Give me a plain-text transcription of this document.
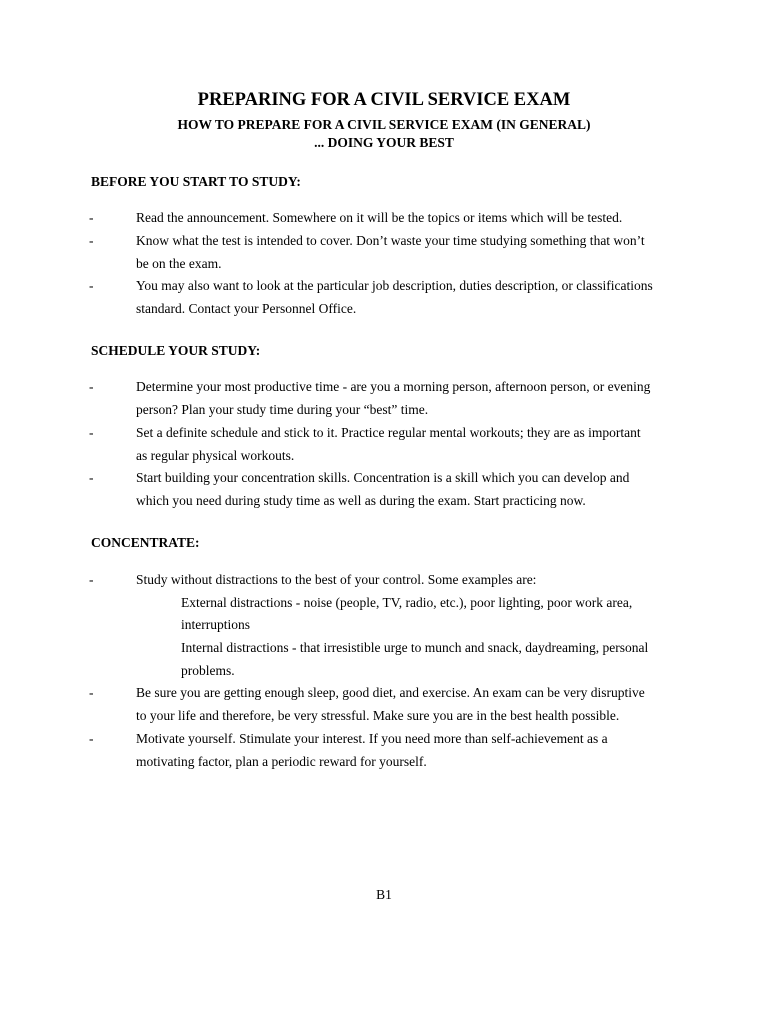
PREPARING FOR A CIVIL SERVICE EXAM
HOW TO PREPARE FOR A CIVIL SERVICE EXAM (IN GENERAL)
... DOING YOUR BEST
BEFORE YOU START TO STUDY:
-	Read the announcement. Somewhere on it will be the topics or items which will be tested.
-	Know what the test is intended to cover. Don’t waste your time studying something that won’t
be on the exam.
-	You may also want to look at the particular job description, duties description, or classifications
standard. Contact your Personnel Office.
SCHEDULE YOUR STUDY:
-	Determine your most productive time - are you a morning person, afternoon person, or evening
person? Plan your study time during your “best” time.
-	Set a definite schedule and stick to it. Practice regular mental workouts; they are as important
as regular physical workouts.
-	Start building your concentration skills. Concentration is a skill which you can develop and
which you need during study time as well as during the exam. Start practicing now.
CONCENTRATE:
-	Study without distractions to the best of your control. Some examples are:
External distractions - noise (people, TV, radio, etc.), poor lighting, poor work area,
interruptions
Internal distractions - that irresistible urge to munch and snack, daydreaming, personal
problems.
-	Be sure you are getting enough sleep, good diet, and exercise. An exam can be very disruptive
to your life and therefore, be very stressful. Make sure you are in the best health possible.
-	Motivate yourself. Stimulate your interest. If you need more than self-achievement as a
motivating factor, plan a periodic reward for yourself.
B1
